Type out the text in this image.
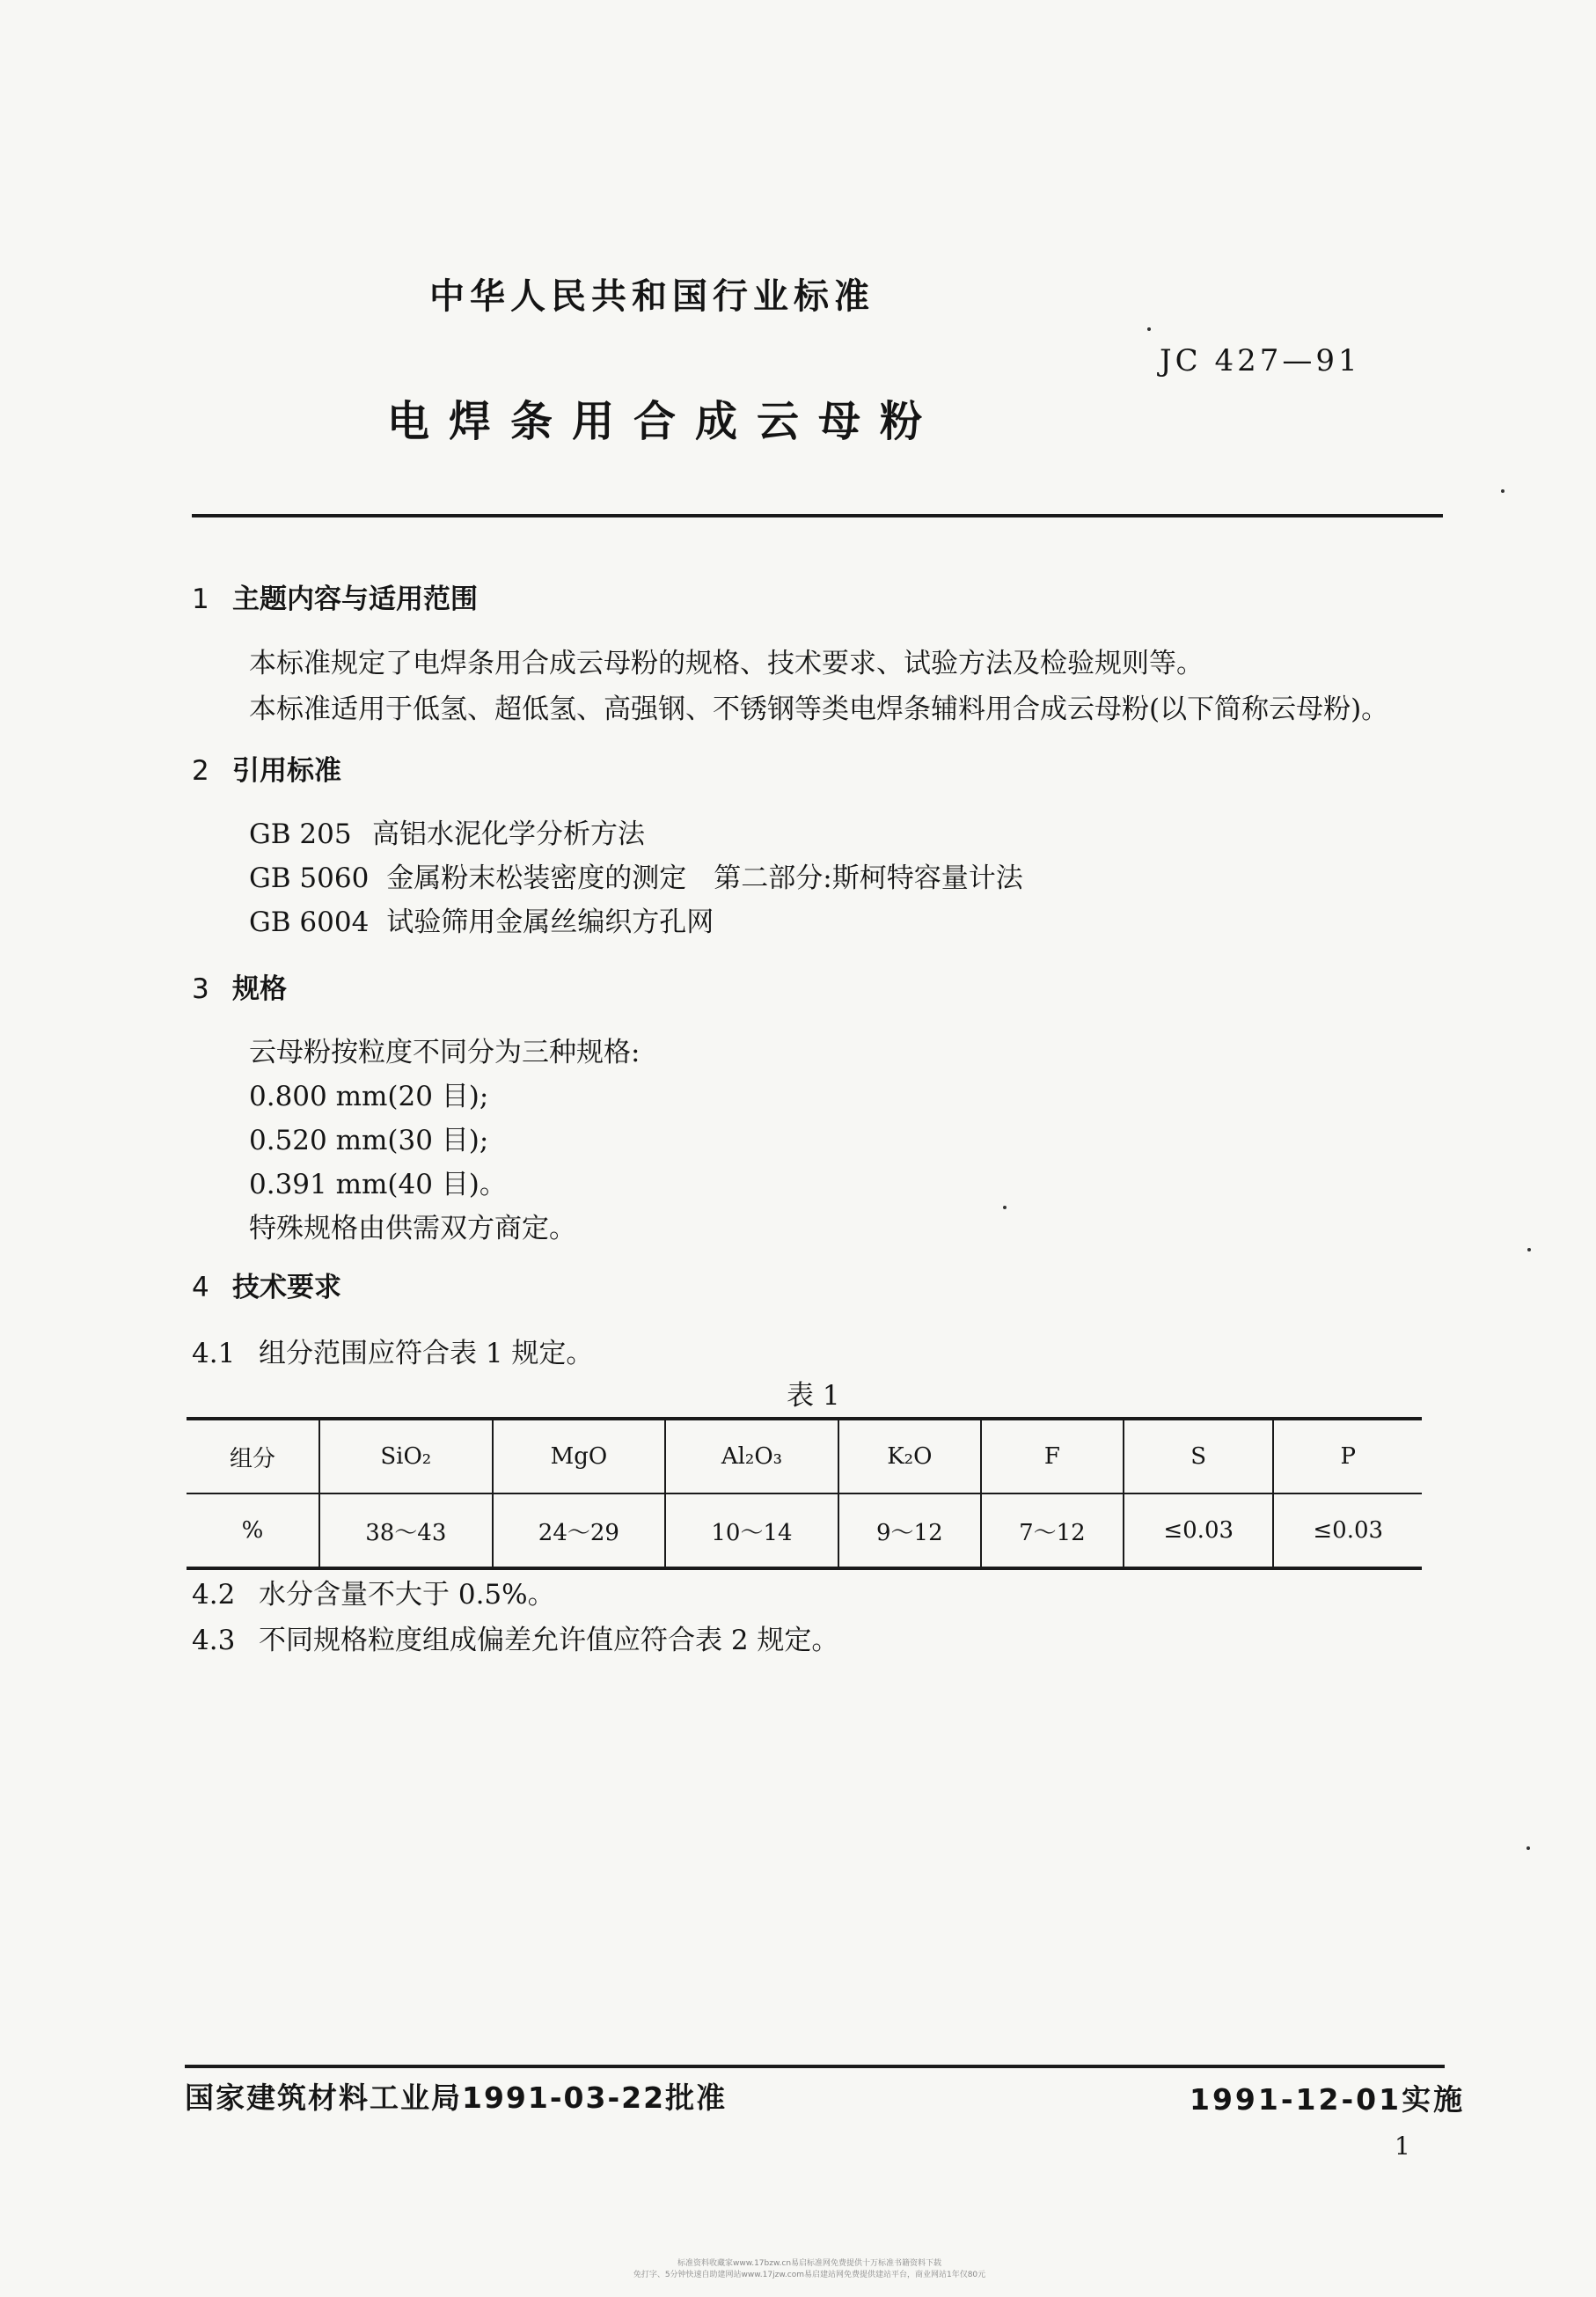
中华人民共和国行业标准
JC 427—91
电焊条用合成云母粉
1 主题内容与适用范围
本标准规定了电焊条用合成云母粉的规格、技术要求、试验方法及检验规则等。
本标准适用于低氢、超低氢、高强钢、不锈钢等类电焊条辅料用合成云母粉(以下简称云母粉)。
2 引用标准
GB 205 高铝水泥化学分析方法
GB 5060 金属粉末松装密度的测定　第二部分:斯柯特容量计法
GB 6004 试验筛用金属丝编织方孔网
3 规格
云母粉按粒度不同分为三种规格:
0.800 mm(20 目);
0.520 mm(30 目);
0.391 mm(40 目)。
特殊规格由供需双方商定。
4 技术要求
4.1 组分范围应符合表 1 规定。
表 1
组分	SiO₂	MgO	Al₂O₃	K₂O	F	S	P
%	38～43	24～29	10～14	9～12	7～12	≤0.03	≤0.03
4.2 水分含量不大于 0.5%。
4.3 不同规格粒度组成偏差允许值应符合表 2 规定。
国家建筑材料工业局1991-03-22批准	1991-12-01实施
1
标准资料收藏家www.17bzw.cn易启标准网免费提供十万标准书籍资料下载
免打字、5分钟快速自助建网站www.17jzw.com易启建站网免费提供建站平台，商业网站1年仅80元
